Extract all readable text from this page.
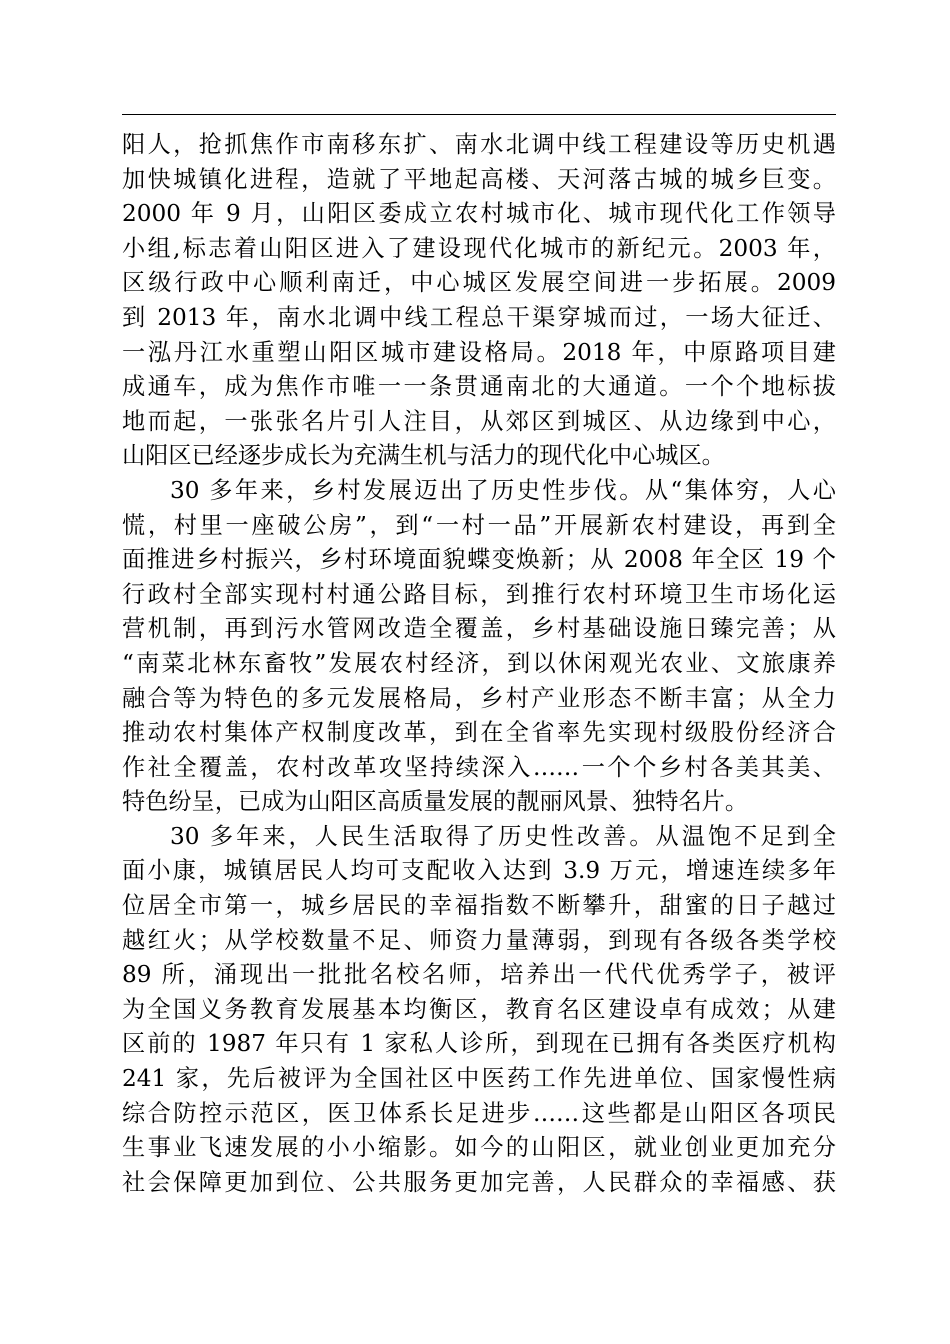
阳人，抢抓焦作市南移东扩、南水北调中线工程建设等历史机遇
加快城镇化进程，造就了平地起高楼、天河落古城的城乡巨变。
2000 年 9 月，山阳区委成立农村城市化、城市现代化工作领导
小组,标志着山阳区进入了建设现代化城市的新纪元。2003 年，
区级行政中心顺利南迁，中心城区发展空间进一步拓展。2009
到 2013 年，南水北调中线工程总干渠穿城而过，一场大征迁、
一泓丹江水重塑山阳区城市建设格局。2018 年，中原路项目建
成通车，成为焦作市唯一一条贯通南北的大通道。一个个地标拔
地而起，一张张名片引人注目，从郊区到城区、从边缘到中心，
山阳区已经逐步成长为充满生机与活力的现代化中心城区。
30 多年来，乡村发展迈出了历史性步伐。从“集体穷，人心
慌，村里一座破公房”，到“一村一品”开展新农村建设，再到全
面推进乡村振兴，乡村环境面貌蝶变焕新；从 2008 年全区 19 个
行政村全部实现村村通公路目标，到推行农村环境卫生市场化运
营机制，再到污水管网改造全覆盖，乡村基础设施日臻完善；从
“南菜北林东畜牧”发展农村经济，到以休闲观光农业、文旅康养
融合等为特色的多元发展格局，乡村产业形态不断丰富；从全力
推动农村集体产权制度改革，到在全省率先实现村级股份经济合
作社全覆盖，农村改革攻坚持续深入……一个个乡村各美其美、
特色纷呈，已成为山阳区高质量发展的靓丽风景、独特名片。
30 多年来，人民生活取得了历史性改善。从温饱不足到全
面小康，城镇居民人均可支配收入达到 3.9 万元，增速连续多年
位居全市第一，城乡居民的幸福指数不断攀升，甜蜜的日子越过
越红火；从学校数量不足、师资力量薄弱，到现有各级各类学校
89 所，涌现出一批批名校名师，培养出一代代优秀学子，被评
为全国义务教育发展基本均衡区，教育名区建设卓有成效；从建
区前的 1987 年只有 1 家私人诊所，到现在已拥有各类医疗机构
241 家，先后被评为全国社区中医药工作先进单位、国家慢性病
综合防控示范区，医卫体系长足进步……这些都是山阳区各项民
生事业飞速发展的小小缩影。如今的山阳区，就业创业更加充分
社会保障更加到位、公共服务更加完善，人民群众的幸福感、获
